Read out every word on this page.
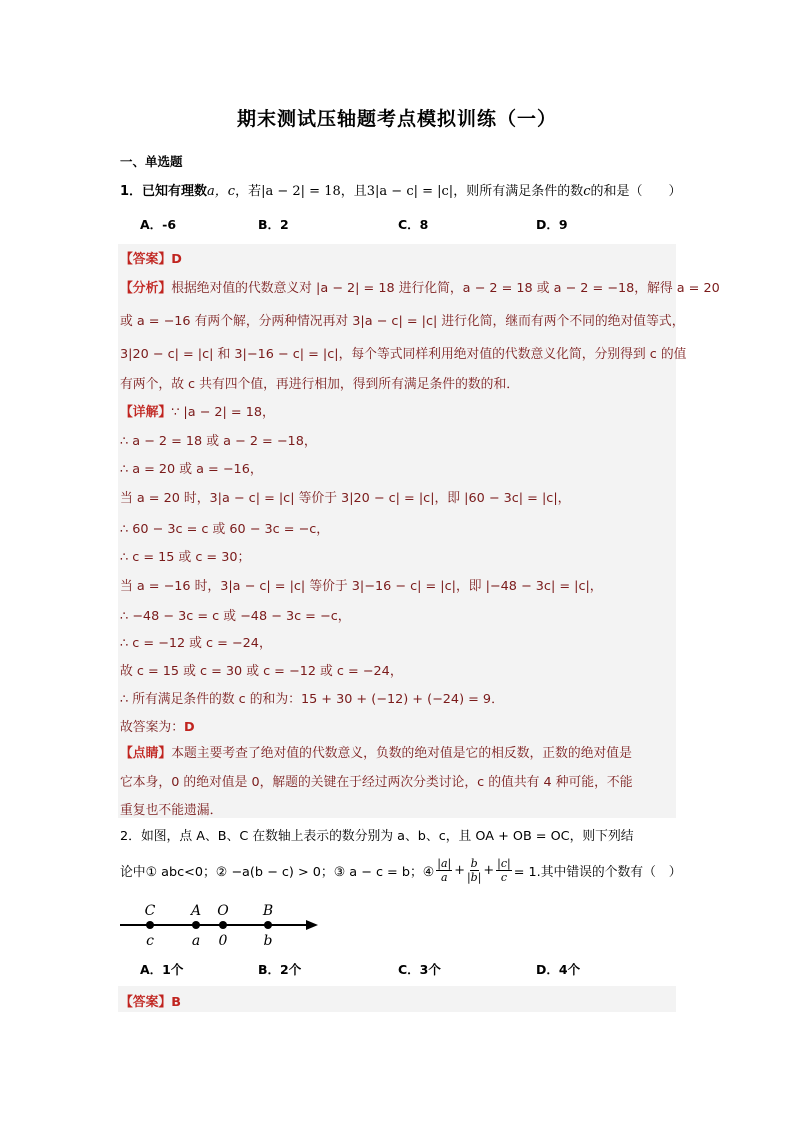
期末测试压轴题考点模拟训练（一）
一、单选题
1．已知有理数a，c，若|a − 2| = 18，且3|a − c| = |c|，则所有满足条件的数c的和是（　　）
A．-6	B．2	C．8	D．9
【答案】D
【分析】根据绝对值的代数意义对 |a − 2| = 18 进行化简，a − 2 = 18 或 a − 2 = −18，解得 a = 20
或 a = −16 有两个解，分两种情况再对 3|a − c| = |c| 进行化简，继而有两个不同的绝对值等式，
3|20 − c| = |c| 和 3|−16 − c| = |c|，每个等式同样利用绝对值的代数意义化简，分别得到 c 的值
有两个，故 c 共有四个值，再进行相加，得到所有满足条件的数的和．
【详解】∵ |a − 2| = 18，
∴ a − 2 = 18 或 a − 2 = −18，
∴ a = 20 或 a = −16，
当 a = 20 时，3|a − c| = |c| 等价于 3|20 − c| = |c|，即 |60 − 3c| = |c|，
∴ 60 − 3c = c 或 60 − 3c = −c，
∴ c = 15 或 c = 30；
当 a = −16 时，3|a − c| = |c| 等价于 3|−16 − c| = |c|，即 |−48 − 3c| = |c|，
∴ −48 − 3c = c 或 −48 − 3c = −c，
∴ c = −12 或 c = −24，
故 c = 15 或 c = 30 或 c = −12 或 c = −24，
∴ 所有满足条件的数 c 的和为：15 + 30 + (−12) + (−24) = 9．
故答案为：D
【点睛】本题主要考查了绝对值的代数意义，负数的绝对值是它的相反数，正数的绝对值是
它本身，0 的绝对值是 0，解题的关键在于经过两次分类讨论，c 的值共有 4 种可能，不能
重复也不能遗漏．
2．如图，点 A、B、C 在数轴上表示的数分别为 a、b、c，且 OA + OB = OC，则下列结
论中① abc<0；② −a(b − c) > 0；③ a − c = b；④ $\frac{|a|}{a} + \frac{b}{|b|} + \frac{|c|}{c} = 1$.其中错误的个数有（　）
C
c
A
a
O
0
B
b
A．1个	B．2个	C．3个	D．4个
【答案】B
